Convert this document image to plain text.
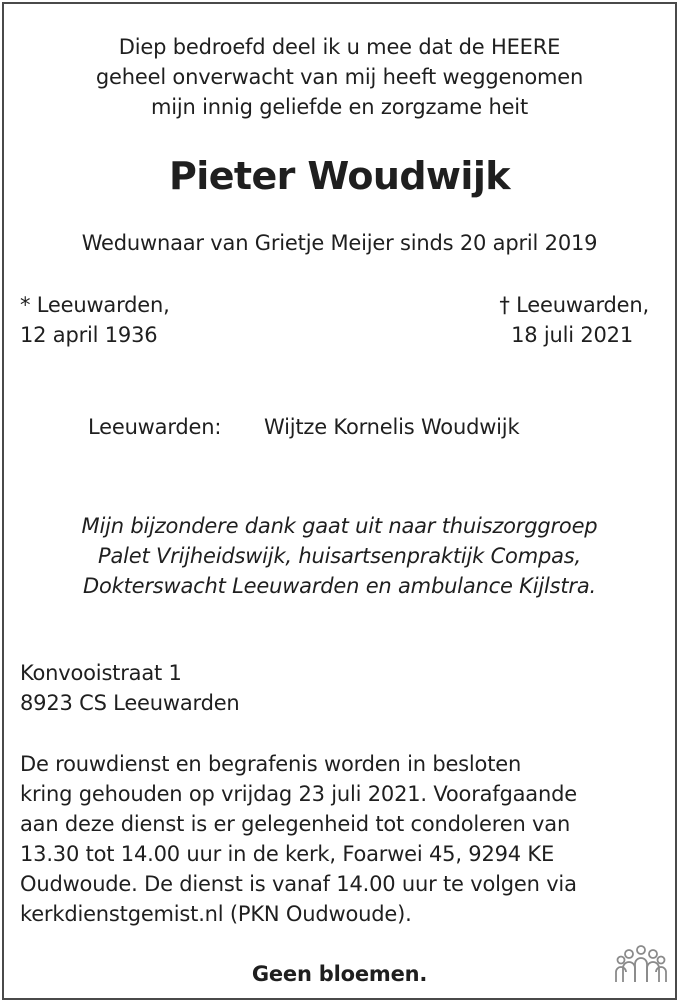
Diep bedroefd deel ik u mee dat de HEERE
geheel onverwacht van mij heeft weggenomen
mijn innig geliefde en zorgzame heit
Pieter Woudwijk
Weduwnaar van Grietje Meijer sinds 20 april 2019
* Leeuwarden,
12 april 1936
† Leeuwarden,
18 juli 2021
Leeuwarden: Wijtze Kornelis Woudwijk
Mijn bijzondere dank gaat uit naar thuiszorggroep
Palet Vrijheidswijk, huisartsenpraktijk Compas,
Dokterswacht Leeuwarden en ambulance Kijlstra.
Konvooistraat 1
8923 CS Leeuwarden
De rouwdienst en begrafenis worden in besloten
kring gehouden op vrijdag 23 juli 2021. Voorafgaande
aan deze dienst is er gelegenheid tot condoleren van
13.30 tot 14.00 uur in de kerk, Foarwei 45, 9294 KE
Oudwoude. De dienst is vanaf 14.00 uur te volgen via
kerkdienstgemist.nl (PKN Oudwoude).
Geen bloemen.
